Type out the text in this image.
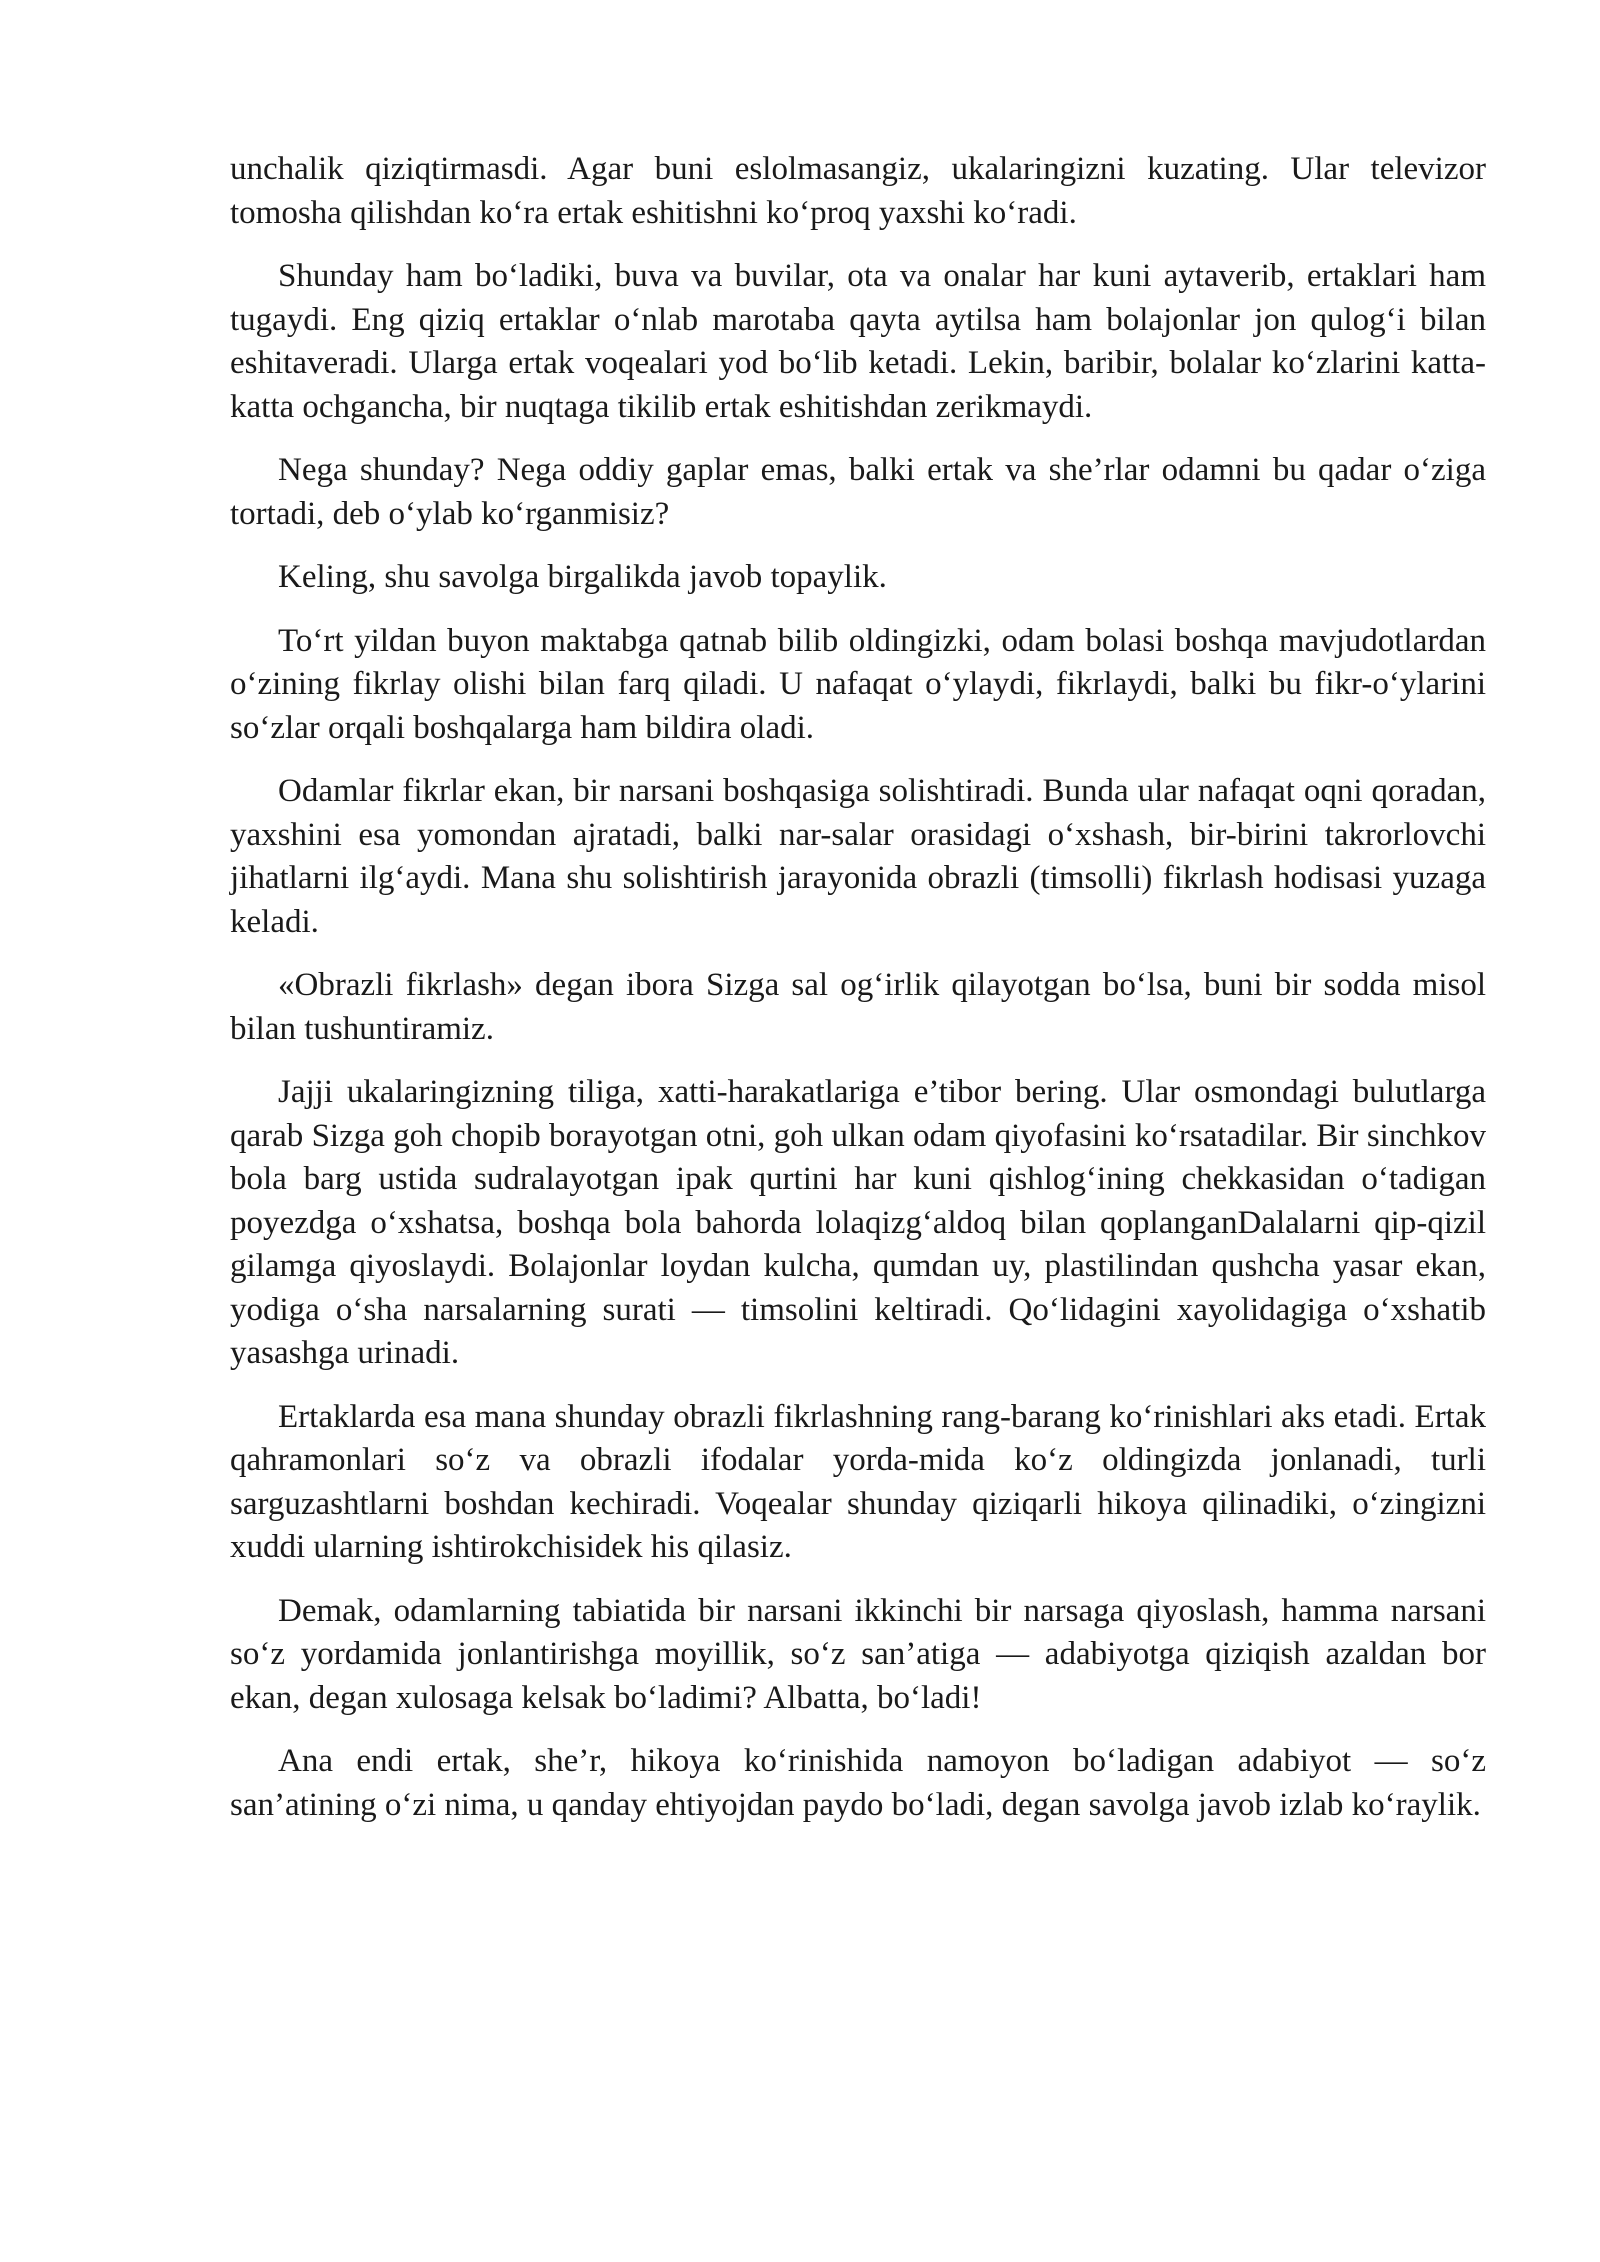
unchalik qiziqtirmasdi. Agar buni eslolmasangiz, ukalaringizni kuzating. Ular televizor tomosha qilishdan ko‘ra ertak eshitishni ko‘proq yaxshi ko‘radi.

Shunday ham bo‘ladiki, buva va buvilar, ota va onalar har kuni aytaverib, ertaklari ham tugaydi. Eng qiziq ertaklar o‘nlab marotaba qayta aytilsa ham bolajonlar jon qulog‘i bilan eshitaveradi. Ularga ertak voqealari yod bo‘lib ketadi. Lekin, baribir, bolalar ko‘zlarini katta-katta ochgancha, bir nuqtaga tikilib ertak eshitishdan zerikmaydi.

Nega shunday? Nega oddiy gaplar emas, balki ertak va she’rlar odamni bu qadar o‘ziga tortadi, deb o‘ylab ko‘rganmisiz?

Keling, shu savolga birgalikda javob topaylik.

To‘rt yildan buyon maktabga qatnab bilib oldingizki, odam bolasi boshqa mavjudotlardan o‘zining fikrlay olishi bilan farq qiladi. U nafaqat o‘ylaydi, fikrlaydi, balki bu fikr-o‘ylarini so‘zlar orqali boshqalarga ham bildira oladi.

Odamlar fikrlar ekan, bir narsani boshqasiga solishtiradi. Bunda ular nafaqat oqni qoradan, yaxshini esa yomondan ajratadi, balki nar-salar orasidagi o‘xshash, bir-birini takrorlovchi jihatlarni ilg‘aydi. Mana shu solishtirish jarayonida obrazli (timsolli) fikrlash hodisasi yuzaga keladi.

«Obrazli fikrlash» degan ibora Sizga sal og‘irlik qilayotgan bo‘lsa, buni bir sodda misol bilan tushuntiramiz.

Jajji ukalaringizning tiliga, xatti-harakatlariga e’tibor bering. Ular osmondagi bulutlarga qarab Sizga goh chopib borayotgan otni, goh ulkan odam qiyofasini ko‘rsatadilar. Bir sinchkov bola barg ustida sudralayotgan ipak qurtini har kuni qishlog‘ining chekkasidan o‘tadigan poyezdga o‘xshatsa, boshqa bola bahorda lolaqizg‘aldoq bilan qoplanganDalalarni qip-qizil gilamga qiyoslaydi. Bolajonlar loydan kulcha, qumdan uy, plastilindan qushcha yasar ekan, yodiga o‘sha narsalarning surati — timsolini keltiradi. Qo‘lidagini xayolidagiga o‘xshatib yasashga urinadi.

Ertaklarda esa mana shunday obrazli fikrlashning rang-barang ko‘rinishlari aks etadi. Ertak qahramonlari so‘z va obrazli ifodalar yorda-mida ko‘z oldingizda jonlanadi, turli sarguzashtlarni boshdan kechiradi. Voqealar shunday qiziqarli hikoya qilinadiki, o‘zingizni xuddi ularning ishtirokchisidek his qilasiz.

Demak, odamlarning tabiatida bir narsani ikkinchi bir narsaga qiyoslash, hamma narsani so‘z yordamida jonlantirishga moyillik, so‘z san’atiga — adabiyotga qiziqish azaldan bor ekan, degan xulosaga kelsak bo‘ladimi? Albatta, bo‘ladi!

Ana endi ertak, she’r, hikoya ko‘rinishida namoyon bo‘ladigan adabiyot — so‘z san’atining o‘zi nima, u qanday ehtiyojdan paydo bo‘ladi, degan savolga javob izlab ko‘raylik.
